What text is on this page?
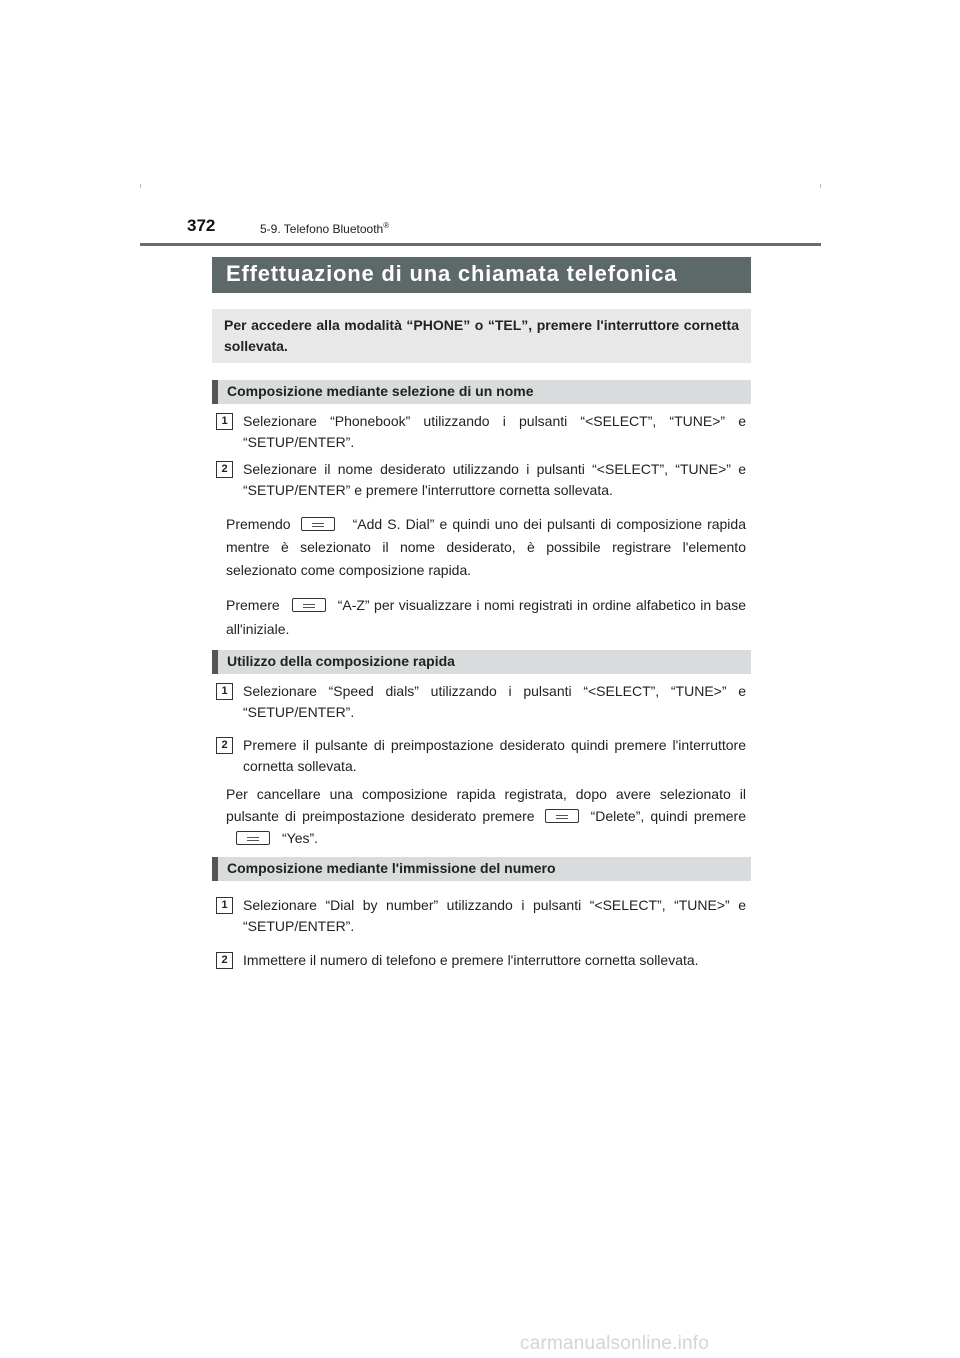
372	5-9. Telefono Bluetooth®
Effettuazione di una chiamata telefonica
Per accedere alla modalità “PHONE” o “TEL”, premere l'interruttore cornetta sollevata.
Composizione mediante selezione di un nome
1	Selezionare “Phonebook” utilizzando i pulsanti “<SELECT”, “TUNE>” e “SETUP/ENTER”.
2	Selezionare il nome desiderato utilizzando i pulsanti “<SELECT”, “TUNE>” e “SETUP/ENTER” e premere l'interruttore cornetta sollevata.
Premendo	“Add S. Dial” e quindi uno dei pulsanti di composizione rapida mentre è selezionato il nome desiderato, è possibile registrare l'elemento selezionato come composizione rapida.
Premere	“A-Z” per visualizzare i nomi registrati in ordine alfabetico in base all'iniziale.
Utilizzo della composizione rapida
1	Selezionare “Speed dials” utilizzando i pulsanti “<SELECT”, “TUNE>” e “SETUP/ENTER”.
2	Premere il pulsante di preimpostazione desiderato quindi premere l'interruttore cornetta sollevata.
Per cancellare una composizione rapida registrata, dopo avere selezionato il pulsante di preimpostazione desiderato premere	“Delete”, quindi premere“Yes”.
Composizione mediante l'immissione del numero
1	Selezionare “Dial by number” utilizzando i pulsanti “<SELECT”, “TUNE>” e “SETUP/ENTER”.
2	Immettere il numero di telefono e premere l'interruttore cornetta sollevata.
carmanualsonline.info
